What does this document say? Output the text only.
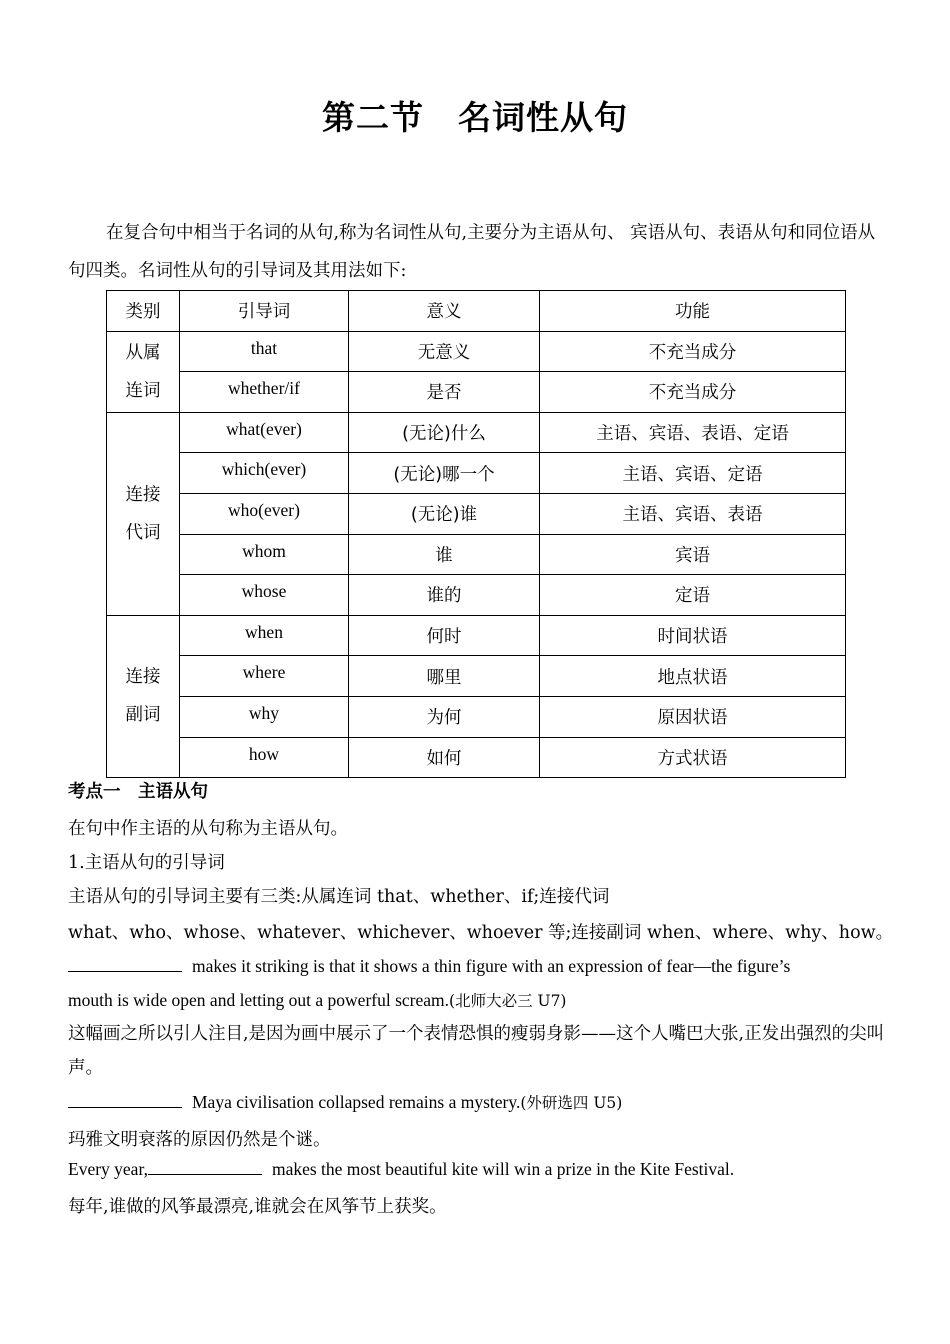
第二节 名词性从句
在复合句中相当于名词的从句,称为名词性从句,主要分为主语从句、 宾语从句、表语从句和同位语从句四类。名词性从句的引导词及其用法如下:
类别	引导词	意义	功能

从属
连词	that	无意义	不充当成分
	whether/if	是否	不充当成分

连接
代词	what(ever)	(无论)什么	主语、宾语、表语、定语
	which(ever)	(无论)哪一个	主语、宾语、定语
	who(ever)	(无论)谁	主语、宾语、表语
	whom	谁	宾语
	whose	谁的	定语

连接
副词	when	何时	时间状语
	where	哪里	地点状语
	why	为何	原因状语
	how	如何	方式状语
考点一　主语从句
在句中作主语的从句称为主语从句。
1.主语从句的引导词
主语从句的引导词主要有三类:从属连词 that、whether、if;连接代词
what、who、whose、whatever、whichever、whoever 等;连接副词 when、where、why、how。
makes it striking is that it shows a thin figure with an expression of fear—the figure’s
mouth is wide open and letting out a powerful scream.(北师大必三 U7)
这幅画之所以引人注目,是因为画中展示了一个表情恐惧的瘦弱身影——这个人嘴巴大张,正发出强烈的尖叫声。
Maya civilisation collapsed remains a mystery.(外研选四 U5)
玛雅文明衰落的原因仍然是个谜。
Every year,	makes the most beautiful kite will win a prize in the Kite Festival.
每年,谁做的风筝最漂亮,谁就会在风筝节上获奖。
